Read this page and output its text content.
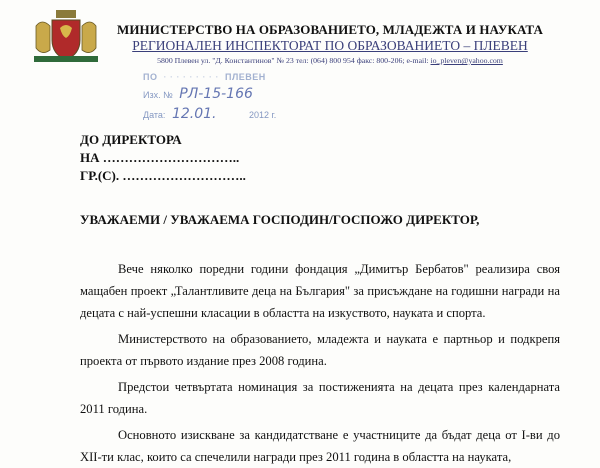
МИНИСТЕРСТВО НА ОБРАЗОВАНИЕТО, МЛАДЕЖТА И НАУКАТА
РЕГИОНАЛЕН ИНСПЕКТОРАТ ПО ОБРАЗОВАНИЕТО – ПЛЕВЕН
5800 Плевен ул. "Д. Константинов" № 23 тел: (064) 800 954 факс: 800-206; e-mail: io_pleven@yahoo.com
ПО  · · · · · · · · ·  ПЛЕВЕН
Изх. № РЛ-15-166
Дата: 12.01.	2012 г.
ДО ДИРЕКТОРА
НА …………………………..
ГР.(С). ………………………..
УВАЖАЕМИ / УВАЖАЕМА ГОСПОДИН/ГОСПОЖО ДИРЕКТОР,

Вече няколко поредни години фондация „Димитър Бербатов" реализира своя мащабен проект „Талантливите деца на България" за присъждане на годишни награди на децата с най-успешни класации в областта на изкуството, науката и спорта.

Министерството на образованието, младежта и науката е партньор и подкрепя проекта от първото издание през 2008 година.

Предстои четвъртата номинация за постиженията на децата през календарната 2011 година.

Основното изискване за кандидатстване е участниците да бъдат деца от I-ви до XII-ти клас, които са спечелили награди през 2011 година в областта на науката,
